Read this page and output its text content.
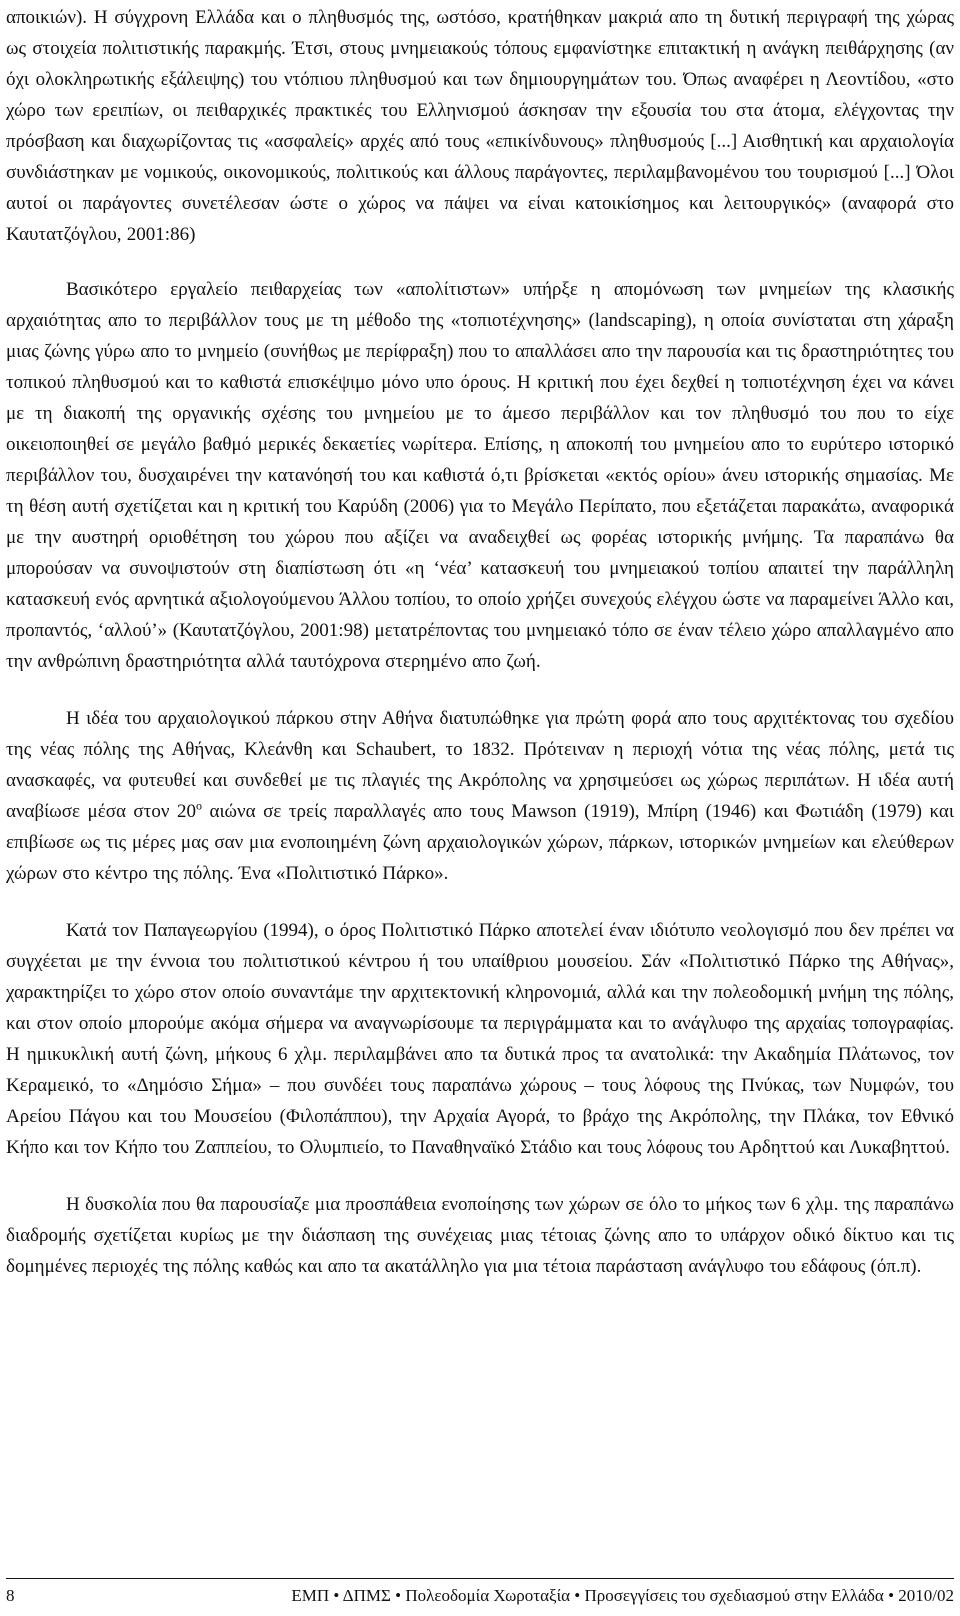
αποικιών). Η σύγχρονη Ελλάδα και ο πληθυσμός της, ωστόσο, κρατήθηκαν μακριά απο τη δυτική περιγραφή της χώρας ως στοιχεία πολιτιστικής παρακμής. Έτσι, στους μνημειακούς τόπους εμφανίστηκε επιτακτική η ανάγκη πειθάρχησης (αν όχι ολοκληρωτικής εξάλειψης) του ντόπιου πληθυσμού και των δημιουργημάτων του. Όπως αναφέρει η Λεοντίδου, «στο χώρο των ερειπίων, οι πειθαρχικές πρακτικές του Ελληνισμού άσκησαν την εξουσία του στα άτομα, ελέγχοντας την πρόσβαση και διαχωρίζοντας τις «ασφαλείς» αρχές από τους «επικίνδυνους» πληθυσμούς [...] Αισθητική και αρχαιολογία συνδιάστηκαν με νομικούς, οικονομικούς, πολιτικούς και άλλους παράγοντες, περιλαμβανομένου του τουρισμού [...] Όλοι αυτοί οι παράγοντες συνετέλεσαν ώστε ο χώρος να πάψει να είναι κατοικίσημος και λειτουργικός» (αναφορά στο Καυτατζόγλου, 2001:86)

Βασικότερο εργαλείο πειθαρχείας των «απολίτιστων» υπήρξε η απομόνωση των μνημείων της κλασικής αρχαιότητας απο το περιβάλλον τους με τη μέθοδο της «τοπιοτέχνησης» (landscaping), η οποία συνίσταται στη χάραξη μιας ζώνης γύρω απο το μνημείο (συνήθως με περίφραξη) που το απαλλάσει απο την παρουσία και τις δραστηριότητες του τοπικού πληθυσμού και το καθιστά επισκέψιμο μόνο υπο όρους. Η κριτική που έχει δεχθεί η τοπιοτέχνηση έχει να κάνει με τη διακοπή της οργανικής σχέσης του μνημείου με το άμεσο περιβάλλον και τον πληθυσμό του που το είχε οικειοποιηθεί σε μεγάλο βαθμό μερικές δεκαετίες νωρίτερα. Επίσης, η αποκοπή του μνημείου απο το ευρύτερο ιστορικό περιβάλλον του, δυσχαιρένει την κατανόησή του και καθιστά ό,τι βρίσκεται «εκτός ορίου» άνευ ιστορικής σημασίας. Με τη θέση αυτή σχετίζεται και η κριτική του Καρύδη (2006) για το Μεγάλο Περίπατο, που εξετάζεται παρακάτω, αναφορικά με την αυστηρή οριοθέτηση του χώρου που αξίζει να αναδειχθεί ως φορέας ιστορικής μνήμης. Τα παραπάνω θα μπορούσαν να συνοψιστούν στη διαπίστωση ότι «η ‘νέα’ κατασκευή του μνημειακού τοπίου απαιτεί την παράλληλη κατασκευή ενός αρνητικά αξιολογούμενου Άλλου τοπίου, το οποίο χρήζει συνεχούς ελέγχου ώστε να παραμείνει Άλλο και, προπαντός, ‘αλλού’» (Καυτατζόγλου, 2001:98) μετατρέποντας του μνημειακό τόπο σε έναν τέλειο χώρο απαλλαγμένο απο την ανθρώπινη δραστηριότητα αλλά ταυτόχρονα στερημένο απο ζωή.

Η ιδέα του αρχαιολογικού πάρκου στην Αθήνα διατυπώθηκε για πρώτη φορά απο τους αρχιτέκτονας του σχεδίου της νέας πόλης της Αθήνας, Κλεάνθη και Schaubert, το 1832. Πρότειναν η περιοχή νότια της νέας πόλης, μετά τις ανασκαφές, να φυτευθεί και συνδεθεί με τις πλαγιές της Ακρόπολης να χρησιμεύσει ως χώρως περιπάτων. Η ιδέα αυτή αναβίωσε μέσα στον $20^o$ αιώνα σε τρείς παραλλαγές απο τους Mawson (1919), Μπίρη (1946) και Φωτιάδη (1979) και επιβίωσε ως τις μέρες μας σαν μια ενοποιημένη ζώνη αρχαιολογικών χώρων, πάρκων, ιστορικών μνημείων και ελεύθερων χώρων στο κέντρο της πόλης. Ένα «Πολιτιστικό Πάρκο».

Κατά τον Παπαγεωργίου (1994), ο όρος Πολιτιστικό Πάρκο αποτελεί έναν ιδιότυπο νεολογισμό που δεν πρέπει να συγχέεται με την έννοια του πολιτιστικού κέντρου ή του υπαίθριου μουσείου. Σάν «Πολιτιστικό Πάρκο της Αθήνας», χαρακτηρίζει το χώρο στον οποίο συναντάμε την αρχιτεκτονική κληρονομιά, αλλά και την πολεοδομική μνήμη της πόλης, και στον οποίο μπορούμε ακόμα σήμερα να αναγνωρίσουμε τα περιγράμματα και το ανάγλυφο της αρχαίας τοπογραφίας. Η ημικυκλική αυτή ζώνη, μήκους 6 χλμ. περιλαμβάνει απο τα δυτικά προς τα ανατολικά: την Ακαδημία Πλάτωνος, τον Κεραμεικό, το «Δημόσιο Σήμα» – που συνδέει τους παραπάνω χώρους – τους λόφους της Πνύκας, των Νυμφών, του Αρείου Πάγου και του Μουσείου (Φιλοπάππου), την Αρχαία Αγορά, το βράχο της Ακρόπολης, την Πλάκα, τον Εθνικό Κήπο και τον Κήπο του Ζαππείου, το Ολυμπιείο, το Παναθηναϊκό Στάδιο και τους λόφους του Αρδηττού και Λυκαβηττού.

Η δυσκολία που θα παρουσίαζε μια προσπάθεια ενοποίησης των χώρων σε όλο το μήκος των 6 χλμ. της παραπάνω διαδρομής σχετίζεται κυρίως με την διάσπαση της συνέχειας μιας τέτοιας ζώνης απο το υπάρχον οδικό δίκτυο και τις δομημένες περιοχές της πόλης καθώς και απο τα ακατάλληλο για μια τέτοια παράσταση ανάγλυφο του εδάφους (όπ.π).

8	ΕΜΠ • ΔΠΜΣ • Πολεοδομία Χωροταξία • Προσεγγίσεις του σχεδιασμού στην Ελλάδα • 2010/02
